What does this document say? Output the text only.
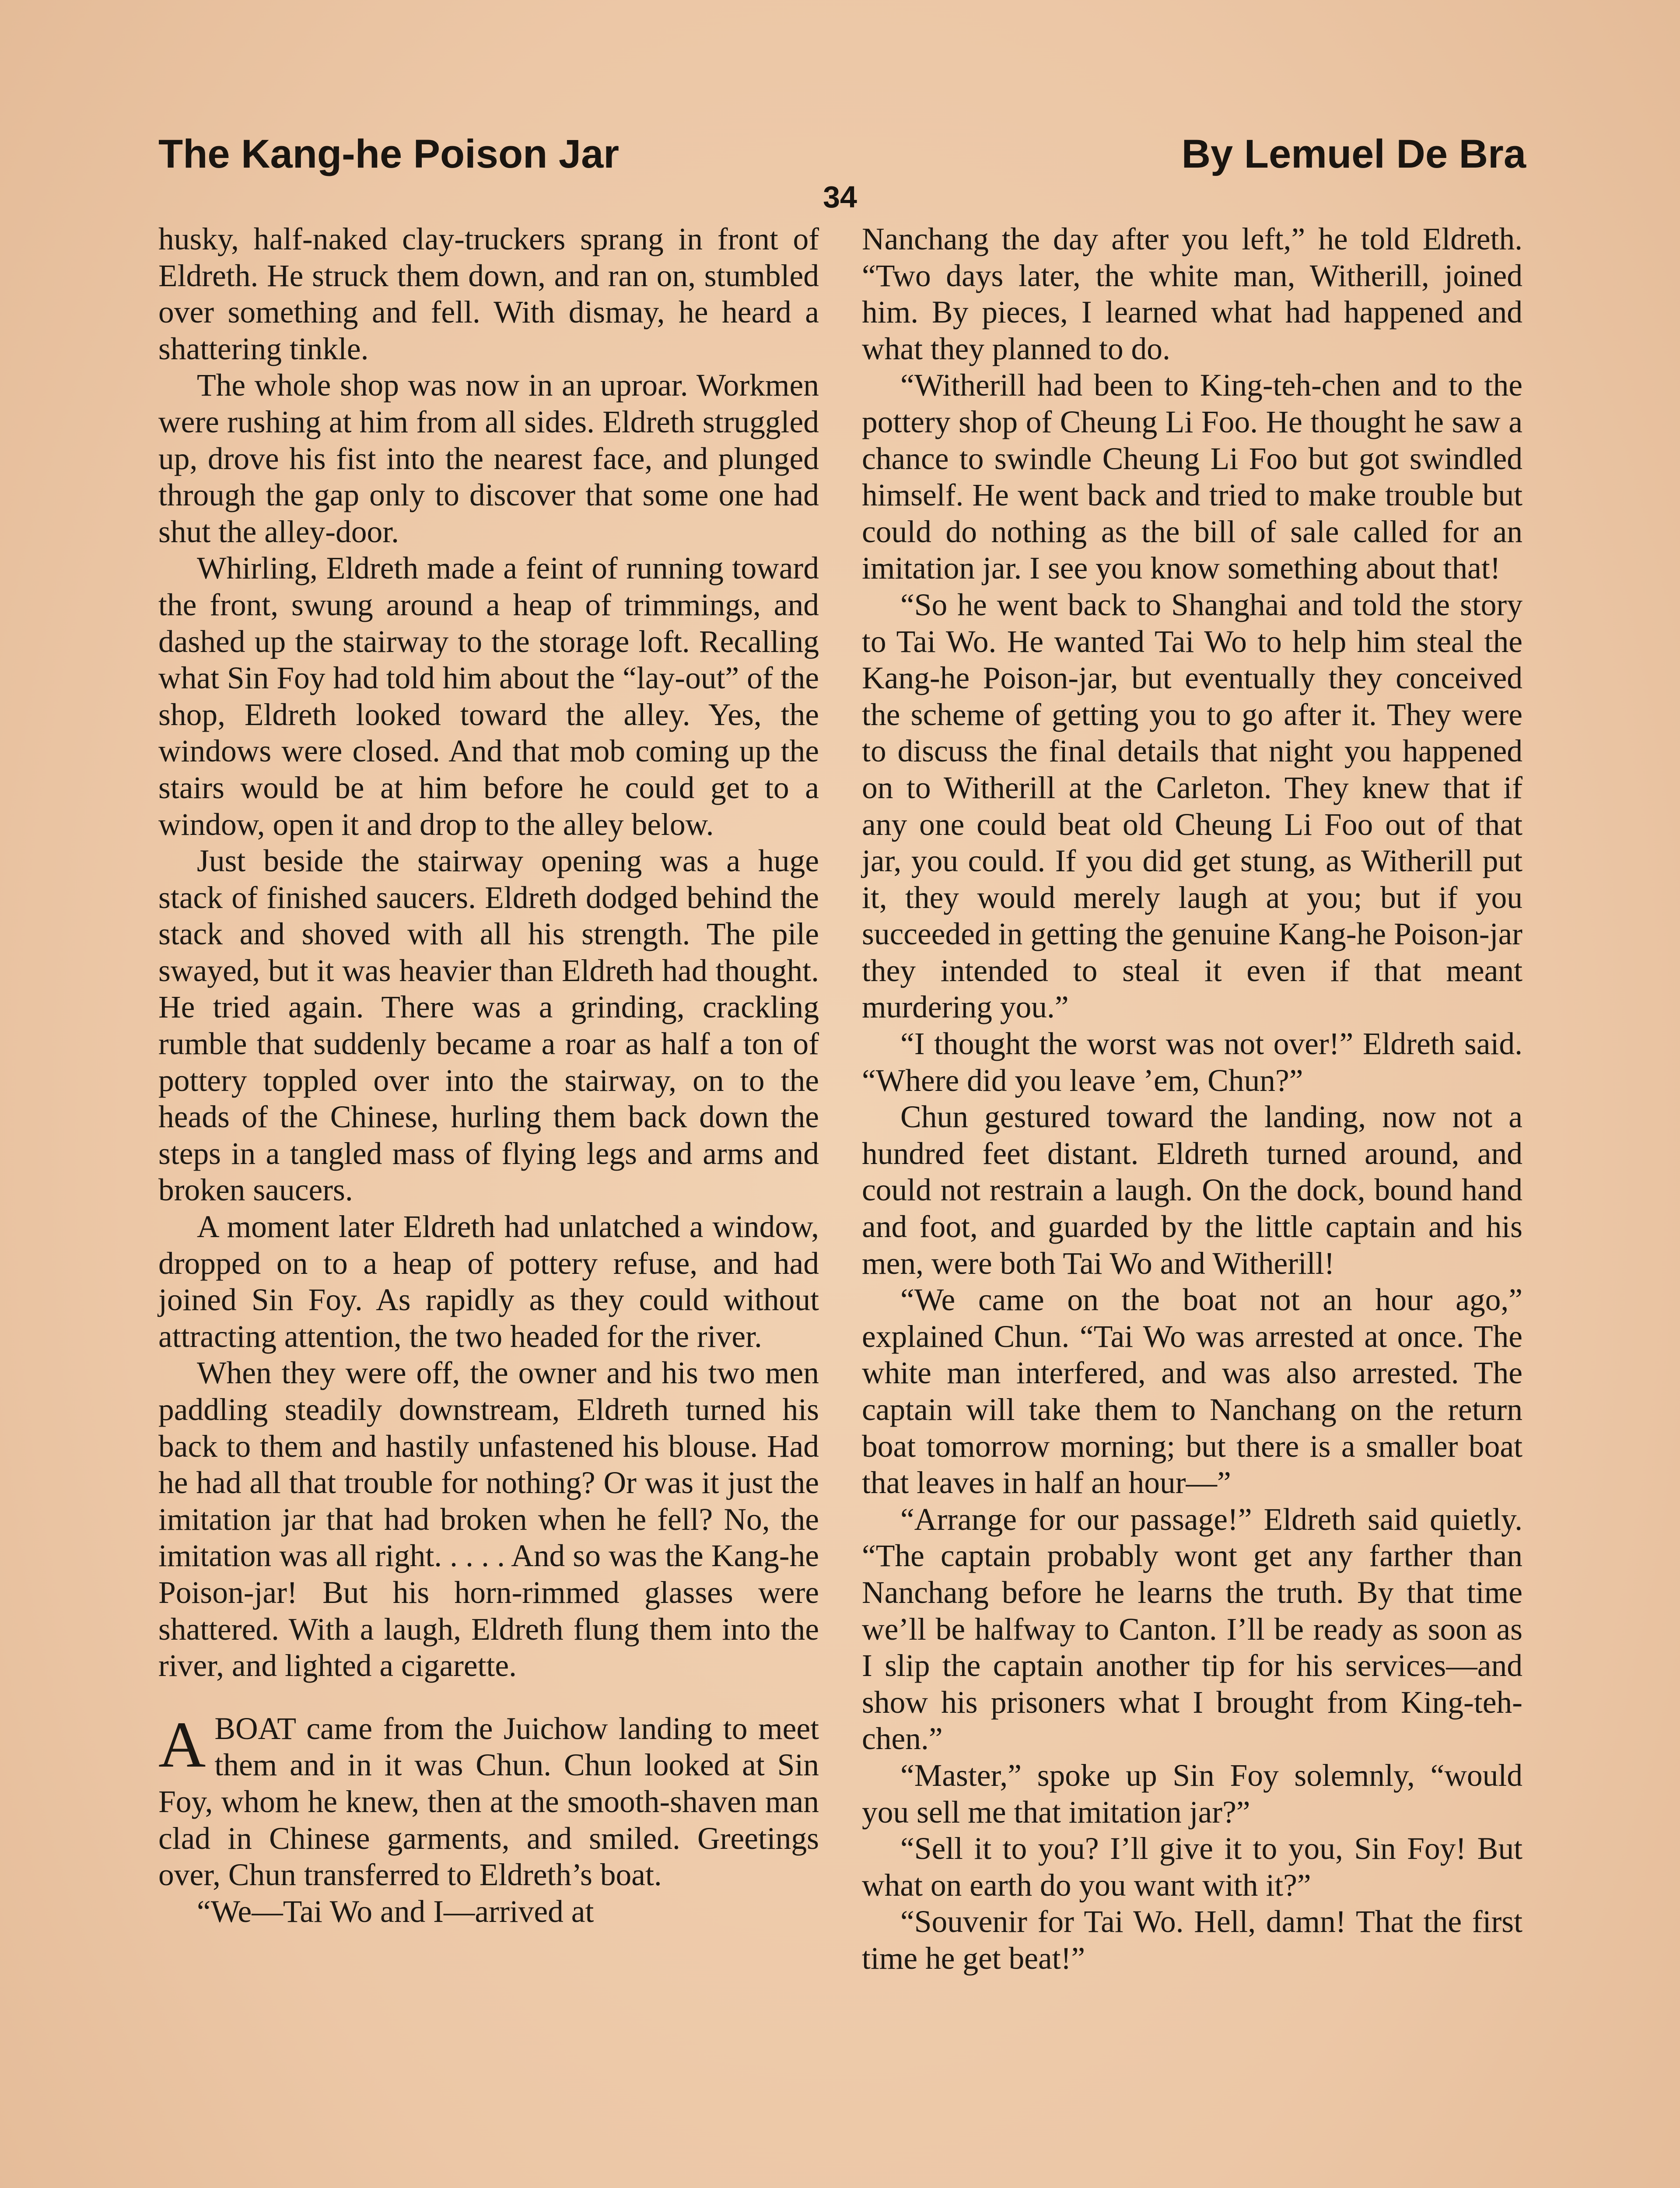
The Kang-he Poison Jar	By Lemuel De Bra
34

husky, half-naked clay-truckers sprang in front of Eldreth. He struck them down, and ran on, stumbled over something and fell. With dismay, he heard a shattering tinkle.

The whole shop was now in an uproar. Workmen were rushing at him from all sides. Eldreth struggled up, drove his fist into the nearest face, and plunged through the gap only to discover that some one had shut the alley-door.

Whirling, Eldreth made a feint of running toward the front, swung around a heap of trimmings, and dashed up the stairway to the storage loft. Recalling what Sin Foy had told him about the “lay-out” of the shop, Eldreth looked toward the alley. Yes, the windows were closed. And that mob coming up the stairs would be at him before he could get to a window, open it and drop to the alley below.

Just beside the stairway opening was a huge stack of finished saucers. Eldreth dodged behind the stack and shoved with all his strength. The pile swayed, but it was heavier than Eldreth had thought. He tried again. There was a grinding, crackling rumble that suddenly became a roar as half a ton of pottery toppled over into the stairway, on to the heads of the Chinese, hurling them back down the steps in a tangled mass of flying legs and arms and broken saucers.

A moment later Eldreth had unlatched a window, dropped on to a heap of pottery refuse, and had joined Sin Foy. As rapidly as they could without attracting attention, the two headed for the river.

When they were off, the owner and his two men paddling steadily downstream, Eldreth turned his back to them and hastily unfastened his blouse. Had he had all that trouble for nothing? Or was it just the imitation jar that had broken when he fell? No, the imitation was all right. . . . . And so was the Kang-he Poison-jar! But his horn-rimmed glasses were shattered. With a laugh, Eldreth flung them into the river, and lighted a cigarette.

ABOAT came from the Juichow landing to meet them and in it was Chun. Chun looked at Sin Foy, whom he knew, then at the smooth-shaven man clad in Chinese garments, and smiled. Greetings over, Chun transferred to Eldreth’s boat.

“We—Tai Wo and I—arrived at

Nanchang the day after you left,” he told Eldreth. “Two days later, the white man, Witherill, joined him. By pieces, I learned what had happened and what they planned to do.

“Witherill had been to King-teh-chen and to the pottery shop of Cheung Li Foo. He thought he saw a chance to swindle Cheung Li Foo but got swindled himself. He went back and tried to make trouble but could do nothing as the bill of sale called for an imitation jar. I see you know something about that!

“So he went back to Shanghai and told the story to Tai Wo. He wanted Tai Wo to help him steal the Kang-he Poison-jar, but eventually they conceived the scheme of getting you to go after it. They were to discuss the final details that night you happened on to Witherill at the Carleton. They knew that if any one could beat old Cheung Li Foo out of that jar, you could. If you did get stung, as Witherill put it, they would merely laugh at you; but if you succeeded in getting the genuine Kang-he Poison-jar they intended to steal it even if that meant murdering you.”

“I thought the worst was not over!” Eldreth said. “Where did you leave ’em, Chun?”

Chun gestured toward the landing, now not a hundred feet distant. Eldreth turned around, and could not restrain a laugh. On the dock, bound hand and foot, and guarded by the little captain and his men, were both Tai Wo and Witherill!

“We came on the boat not an hour ago,” explained Chun. “Tai Wo was arrested at once. The white man interfered, and was also arrested. The captain will take them to Nanchang on the return boat tomorrow morning; but there is a smaller boat that leaves in half an hour—”

“Arrange for our passage!” Eldreth said quietly. “The captain probably wont get any farther than Nanchang before he learns the truth. By that time we’ll be halfway to Canton. I’ll be ready as soon as I slip the captain another tip for his services—and show his prisoners what I brought from King-teh-chen.”

“Master,” spoke up Sin Foy solemnly, “would you sell me that imitation jar?”

“Sell it to you? I’ll give it to you, Sin Foy! But what on earth do you want with it?”

“Souvenir for Tai Wo. Hell, damn! That the first time he get beat!”
